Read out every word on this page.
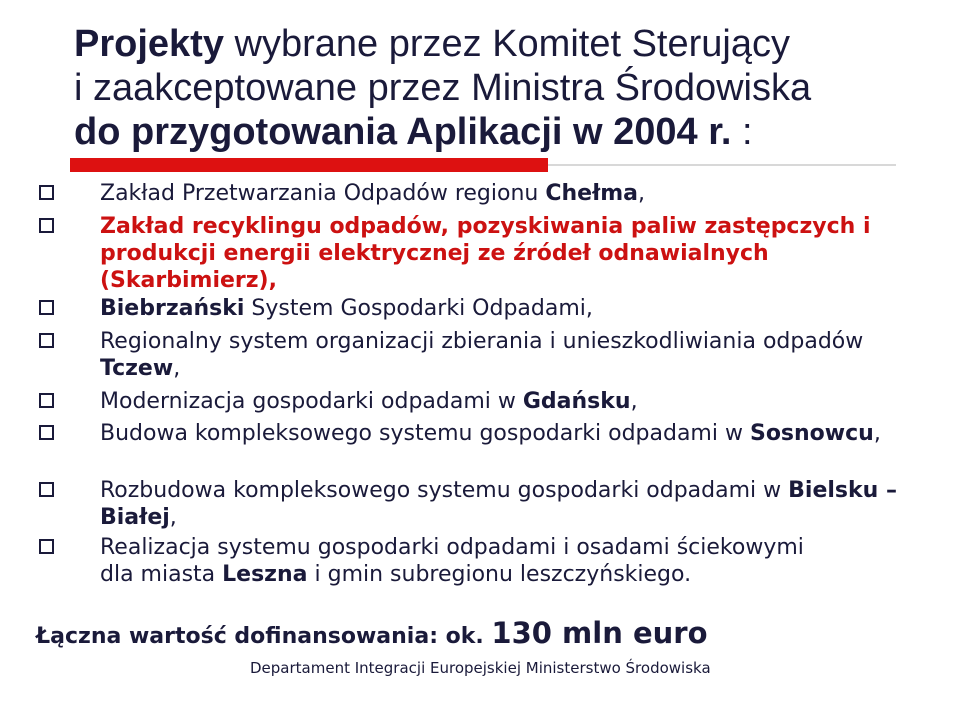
Projekty wybrane przez Komitet Sterujący
i zaakceptowane przez Ministra Środowiska
do przygotowania Aplikacji w 2004 r. :
Zakład Przetwarzania Odpadów regionu Chełma,
Zakład recyklingu odpadów, pozyskiwania paliw zastępczych i produkcji energii elektrycznej ze źródeł odnawialnych (Skarbimierz),
Biebrzański System Gospodarki Odpadami,
Regionalny system organizacji zbierania i unieszkodliwiania odpadów Tczew,
Modernizacja gospodarki odpadami w Gdańsku,
Budowa kompleksowego systemu gospodarki odpadami w Sosnowcu,
Rozbudowa kompleksowego systemu gospodarki odpadami w Bielsku – Białej,
Realizacja systemu gospodarki odpadami i osadami ściekowymi dla miasta Leszna i gmin subregionu leszczyńskiego.
Łączna wartość dofinansowania: ok. 130 mln euro
Departament Integracji Europejskiej Ministerstwo Środowiska
